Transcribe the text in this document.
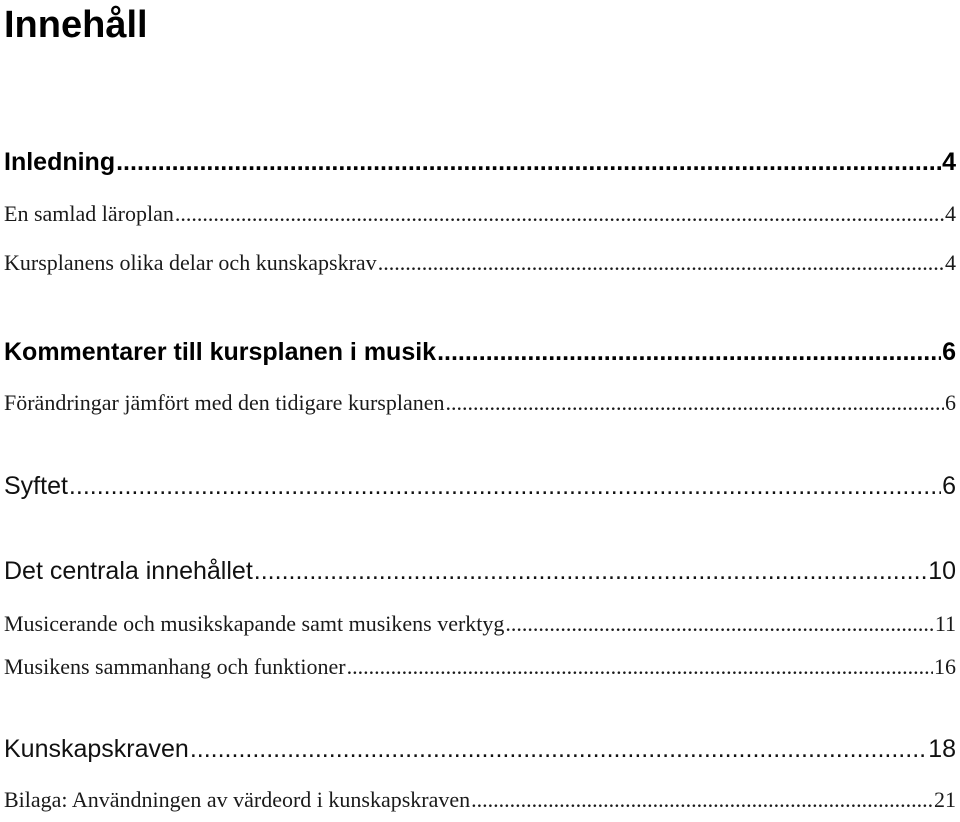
Innehåll
Inledning .....	4
En samlad läroplan .....	4
Kursplanens olika delar och kunskapskrav .....	4
Kommentarer till kursplanen i musik .....	6
Förändringar jämfört med den tidigare kursplanen .....	6
Syftet .....	6
Det centrala innehållet .....	10
Musicerande och musikskapande samt musikens verktyg .....	11
Musikens sammanhang och funktioner .....	16
Kunskapskraven .....	18
Bilaga: Användningen av värdeord i kunskapskraven .....	21
